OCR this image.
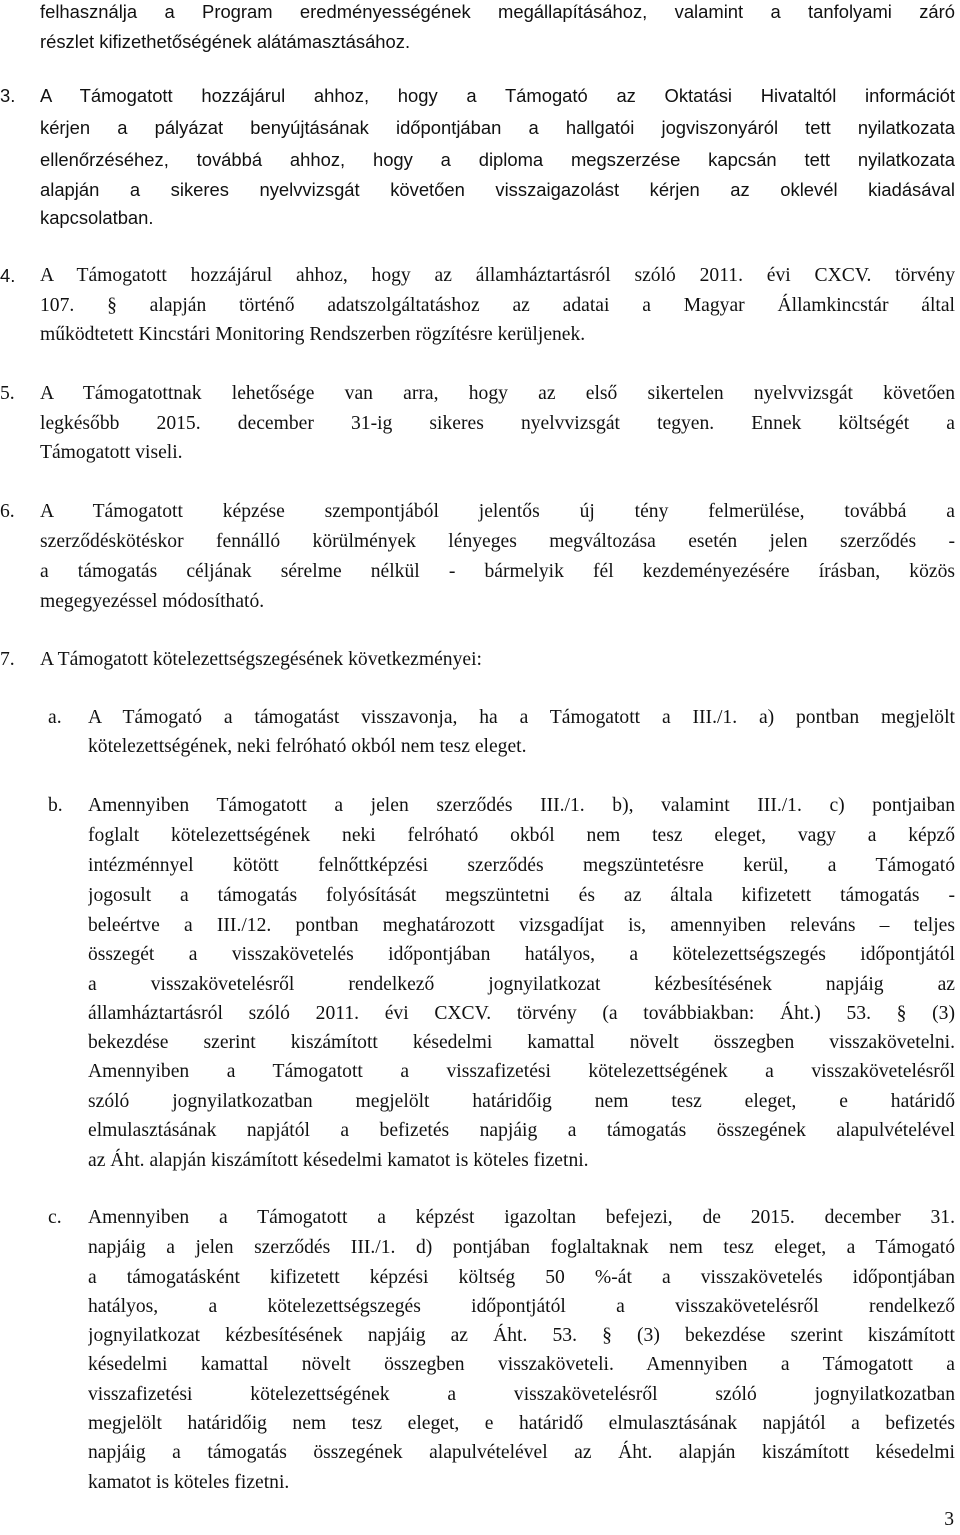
felhasználja a Program eredményességének megállapításához, valamint a tanfolyami záró
részlet kifizethetőségének alátámasztásához.
3. A Támogatott hozzájárul ahhoz, hogy a Támogató az Oktatási Hivataltól információt
kérjen a pályázat benyújtásának időpontjában a hallgatói jogviszonyáról tett nyilatkozata
ellenőrzéséhez, továbbá ahhoz, hogy a diploma megszerzése kapcsán tett nyilatkozata
alapján a sikeres nyelvvizsgát követően visszaigazolást kérjen az oklevél kiadásával
kapcsolatban.
4. A Támogatott hozzájárul ahhoz, hogy az államháztartásról szóló 2011. évi CXCV. törvény
107. § alapján történő adatszolgáltatáshoz az adatai a Magyar Államkincstár által
működtetett Kincstári Monitoring Rendszerben rögzítésre kerüljenek.
5. A Támogatottnak lehetősége van arra, hogy az első sikertelen nyelvvizsgát követően
legkésőbb 2015. december 31-ig sikeres nyelvvizsgát tegyen. Ennek költségét a
Támogatott viseli.
6. A Támogatott képzése szempontjából jelentős új tény felmerülése, továbbá a
szerződéskötéskor fennálló körülmények lényeges megváltozása esetén jelen szerződés -
a támogatás céljának sérelme nélkül - bármelyik fél kezdeményezésére írásban, közös
megegyezéssel módosítható.
7. A Támogatott kötelezettségszegésének következményei:
a. A Támogató a támogatást visszavonja, ha a Támogatott a III./1. a) pontban megjelölt
kötelezettségének, neki felróható okból nem tesz eleget.
b. Amennyiben Támogatott a jelen szerződés III./1. b), valamint III./1. c) pontjaiban
foglalt kötelezettségének neki felróható okból nem tesz eleget, vagy a képző
intézménnyel kötött felnőttképzési szerződés megszüntetésre kerül, a Támogató
jogosult a támogatás folyósítását megszüntetni és az általa kifizetett támogatás -
beleértve a III./12. pontban meghatározott vizsgadíjat is, amennyiben releváns – teljes
összegét a visszakövetelés időpontjában hatályos, a kötelezettségszegés időpontjától
a visszakövetelésről rendelkező jognyilatkozat kézbesítésének napjáig az
államháztartásról szóló 2011. évi CXCV. törvény (a továbbiakban: Áht.) 53. § (3)
bekezdése szerint kiszámított késedelmi kamattal növelt összegben visszakövetelni.
Amennyiben a Támogatott a visszafizetési kötelezettségének a visszakövetelésről
szóló jognyilatkozatban megjelölt határidőig nem tesz eleget, e határidő
elmulasztásának napjától a befizetés napjáig a támogatás összegének alapulvételével
az Áht. alapján kiszámított késedelmi kamatot is köteles fizetni.
c. Amennyiben a Támogatott a képzést igazoltan befejezi, de 2015. december 31.
napjáig a jelen szerződés III./1. d) pontjában foglaltaknak nem tesz eleget, a Támogató
a támogatásként kifizetett képzési költség 50 %-át a visszakövetelés időpontjában
hatályos, a kötelezettségszegés időpontjától a visszakövetelésről rendelkező
jognyilatkozat kézbesítésének napjáig az Áht. 53. § (3) bekezdése szerint kiszámított
késedelmi kamattal növelt összegben visszaköveteli. Amennyiben a Támogatott a
visszafizetési kötelezettségének a visszakövetelésről szóló jognyilatkozatban
megjelölt határidőig nem tesz eleget, e határidő elmulasztásának napjától a befizetés
napjáig a támogatás összegének alapulvételével az Áht. alapján kiszámított késedelmi
kamatot is köteles fizetni.
3
